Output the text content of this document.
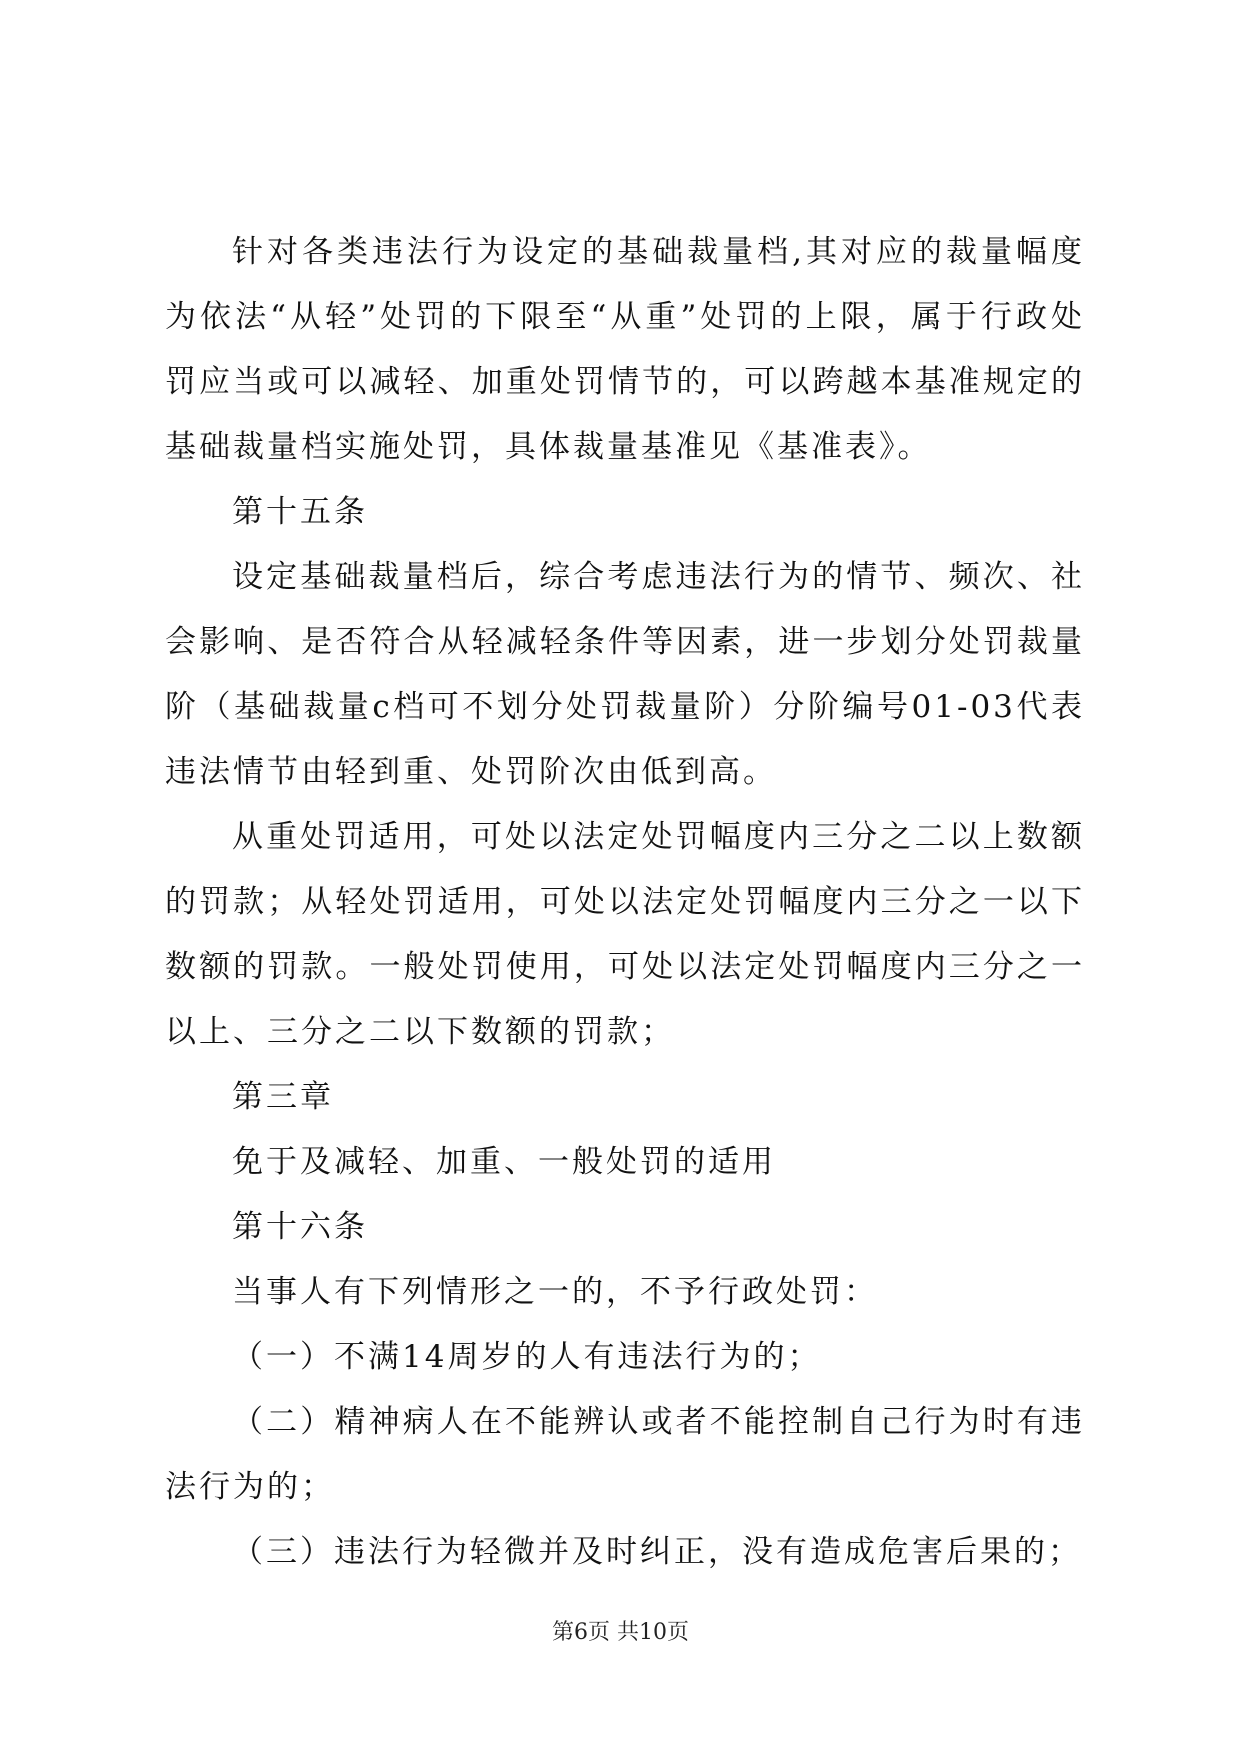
针对各类违法行为设定的基础裁量档,其对应的裁量幅度为依法“从轻”处罚的下限至“从重”处罚的上限，属于行政处罚应当或可以减轻、加重处罚情节的，可以跨越本基准规定的基础裁量档实施处罚，具体裁量基准见《基准表》。

第十五条

设定基础裁量档后，综合考虑违法行为的情节、频次、社会影响、是否符合从轻减轻条件等因素，进一步划分处罚裁量阶（基础裁量c档可不划分处罚裁量阶）分阶编号01-03代表违法情节由轻到重、处罚阶次由低到高。

从重处罚适用，可处以法定处罚幅度内三分之二以上数额的罚款；从轻处罚适用，可处以法定处罚幅度内三分之一以下数额的罚款。一般处罚使用，可处以法定处罚幅度内三分之一以上、三分之二以下数额的罚款；

第三章

免于及减轻、加重、一般处罚的适用

第十六条

当事人有下列情形之一的，不予行政处罚：

（一）不满14周岁的人有违法行为的；

（二）精神病人在不能辨认或者不能控制自己行为时有违法行为的；

（三）违法行为轻微并及时纠正，没有造成危害后果的；

第6页 共10页
